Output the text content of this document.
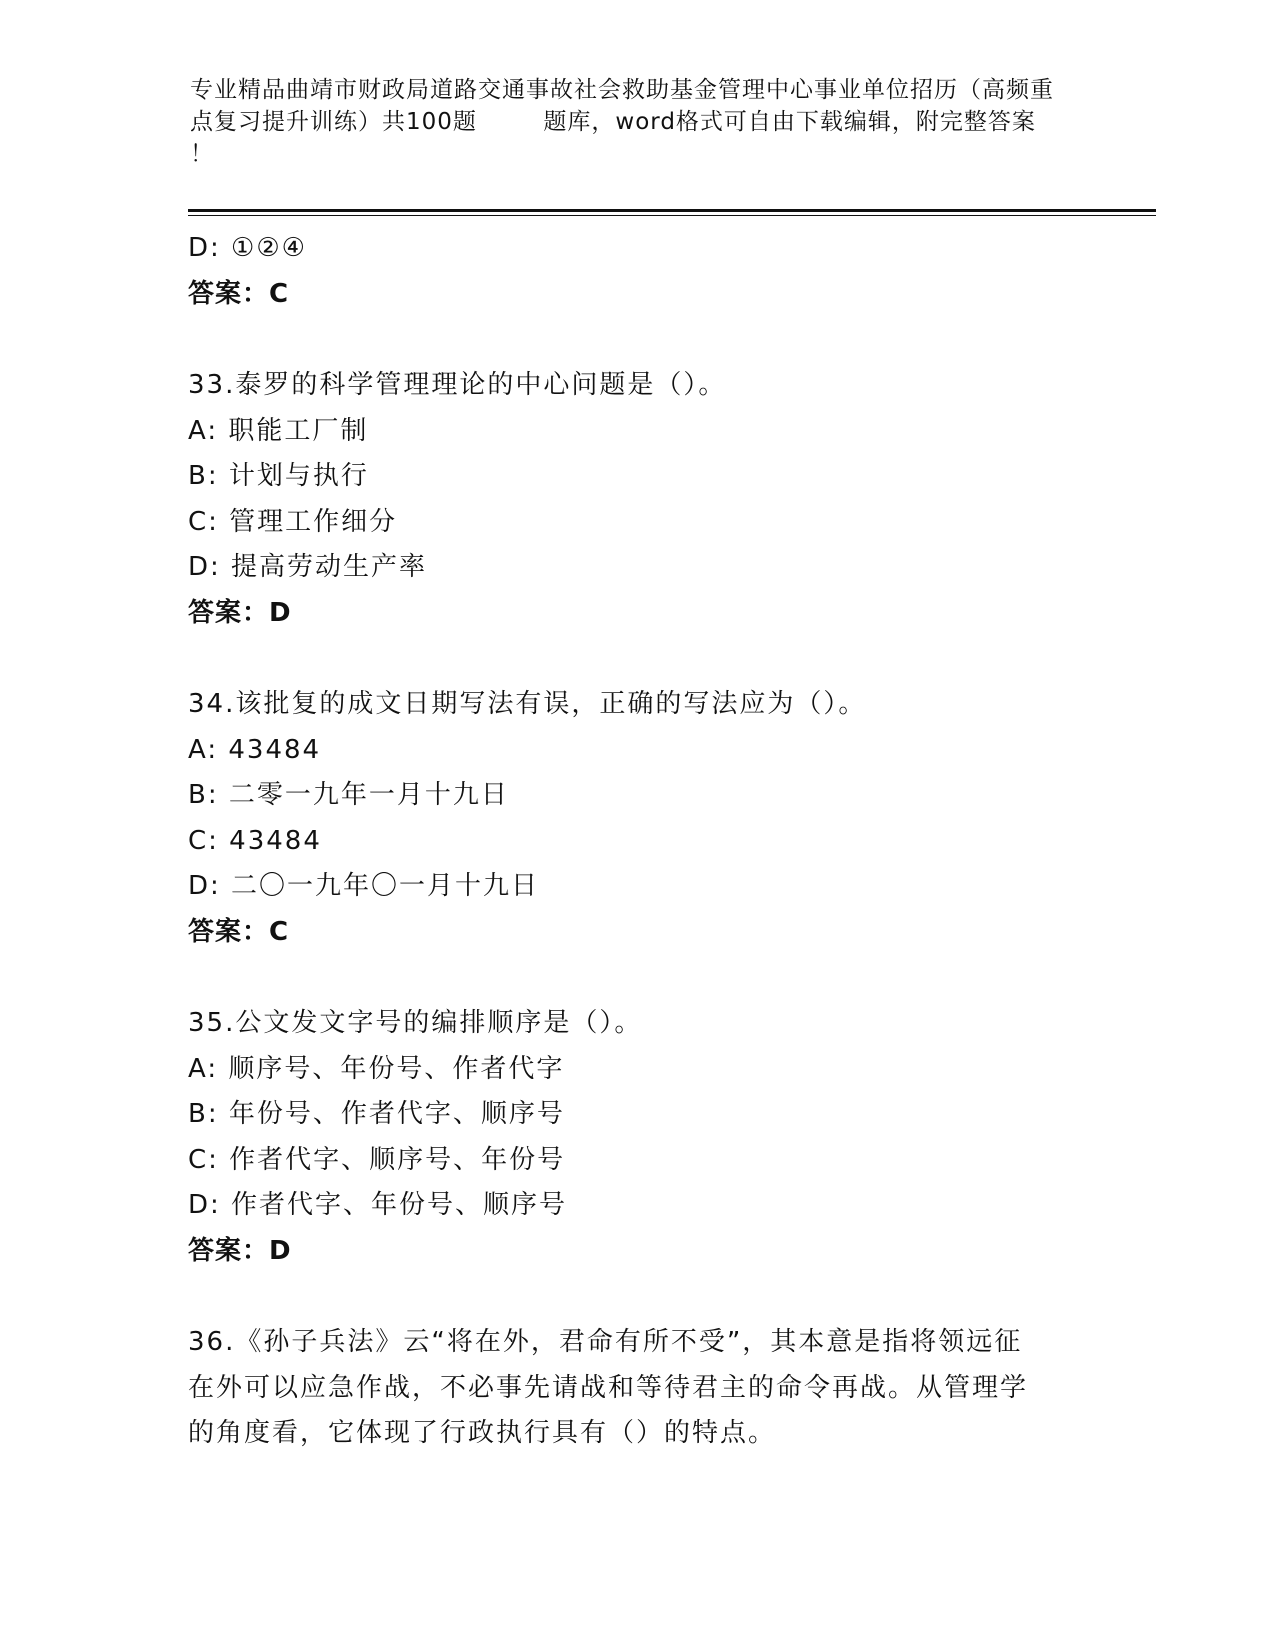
专业精品曲靖市财政局道路交通事故社会救助基金管理中心事业单位招历（高频重
点复习提升训练）共100题        题库，word格式可自由下载编辑，附完整答案
！
D: ①②④
答案：C
33.泰罗的科学管理理论的中心问题是（）。
A: 职能工厂制
B: 计划与执行
C: 管理工作细分
D: 提高劳动生产率
答案：D
34.该批复的成文日期写法有误，正确的写法应为（）。
A: 43484
B: 二零一九年一月十九日
C: 43484
D: 二〇一九年〇一月十九日
答案：C
35.公文发文字号的编排顺序是（）。
A: 顺序号、年份号、作者代字
B: 年份号、作者代字、顺序号
C: 作者代字、顺序号、年份号
D: 作者代字、年份号、顺序号
答案：D
36.《孙子兵法》云“将在外，君命有所不受”，其本意是指将领远征
在外可以应急作战，不必事先请战和等待君主的命令再战。从管理学
的角度看，它体现了行政执行具有（）的特点。
